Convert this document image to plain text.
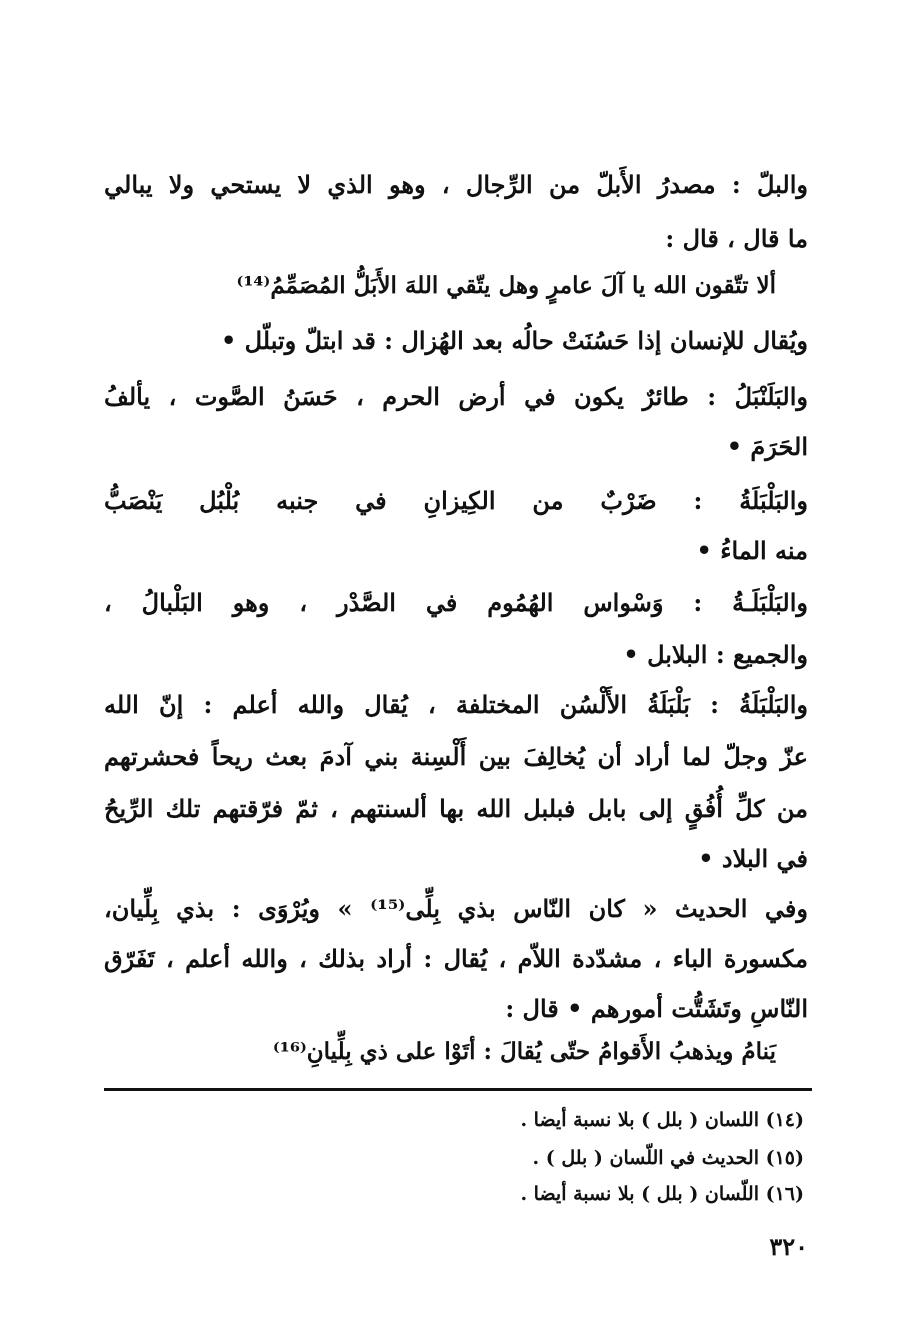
والبلّ : مصدرُ الأَبلّ من الرِّجال ، وهو الذي لا يستحي ولا يبالي
ما قال ، قال :
ألا تتّقون الله يا آلَ عامرٍ وهل يتّقي اللهَ الأَبَلُّ المُصَمِّمُ⁽¹⁴⁾
ويُقال للإنسان إذا حَسُنَتْ حالُه بعد الهُزال : قد ابتلّ وتبلّل •
والبَلَنْبَلُ : طائرٌ يكون في أرض الحرم ، حَسَنُ الصَّوت ، يألفُ
الحَرَمَ •
والبَلْبَلَةُ : ضَرْبٌ من الكِيزانِ في جنبه بُلْبُل يَنْصَبُّ
منه الماءُ •
والبَلْبَلَـةُ : وَسْواس الهُمُوم في الصَّدْر ، وهو البَلْبالُ ،
والجميع : البلابل •
والبَلْبَلَةُ : بَلْبَلَةُ الأَلْسُن المختلفة ، يُقال والله أعلم : إنّ الله
عزّ وجلّ لما أراد أن يُخالِفَ بين أَلْسِنة بني آدمَ بعث ريحاً فحشرتهم
من كلِّ أُفُقٍ إلى بابل فبلبل الله بها ألسنتهم ، ثمّ فرّقتهم تلك الرِّيحُ
في البلاد •
وفي الحديث « كان النّاس بذي بِلِّى⁽¹⁵⁾ » ويُرْوَى : بذي بِلِّيان،
مكسورة الباء ، مشدّدة اللاّم ، يُقال : أراد بذلك ، والله أعلم ، تَفَرّق
النّاسِ وتَشَتُّت أمورهم • قال :
يَنامُ ويذهبُ الأَقوامُ حتّى يُقالَ : أتَوْا على ذي بِلِّيانِ⁽¹⁶⁾
(١٤) اللسان ( بلل ) بلا نسبة أيضا .
(١٥) الحديث في اللّسان ( بلل ) .
(١٦) اللّسان ( بلل ) بلا نسبة أيضا .
٣٢٠
